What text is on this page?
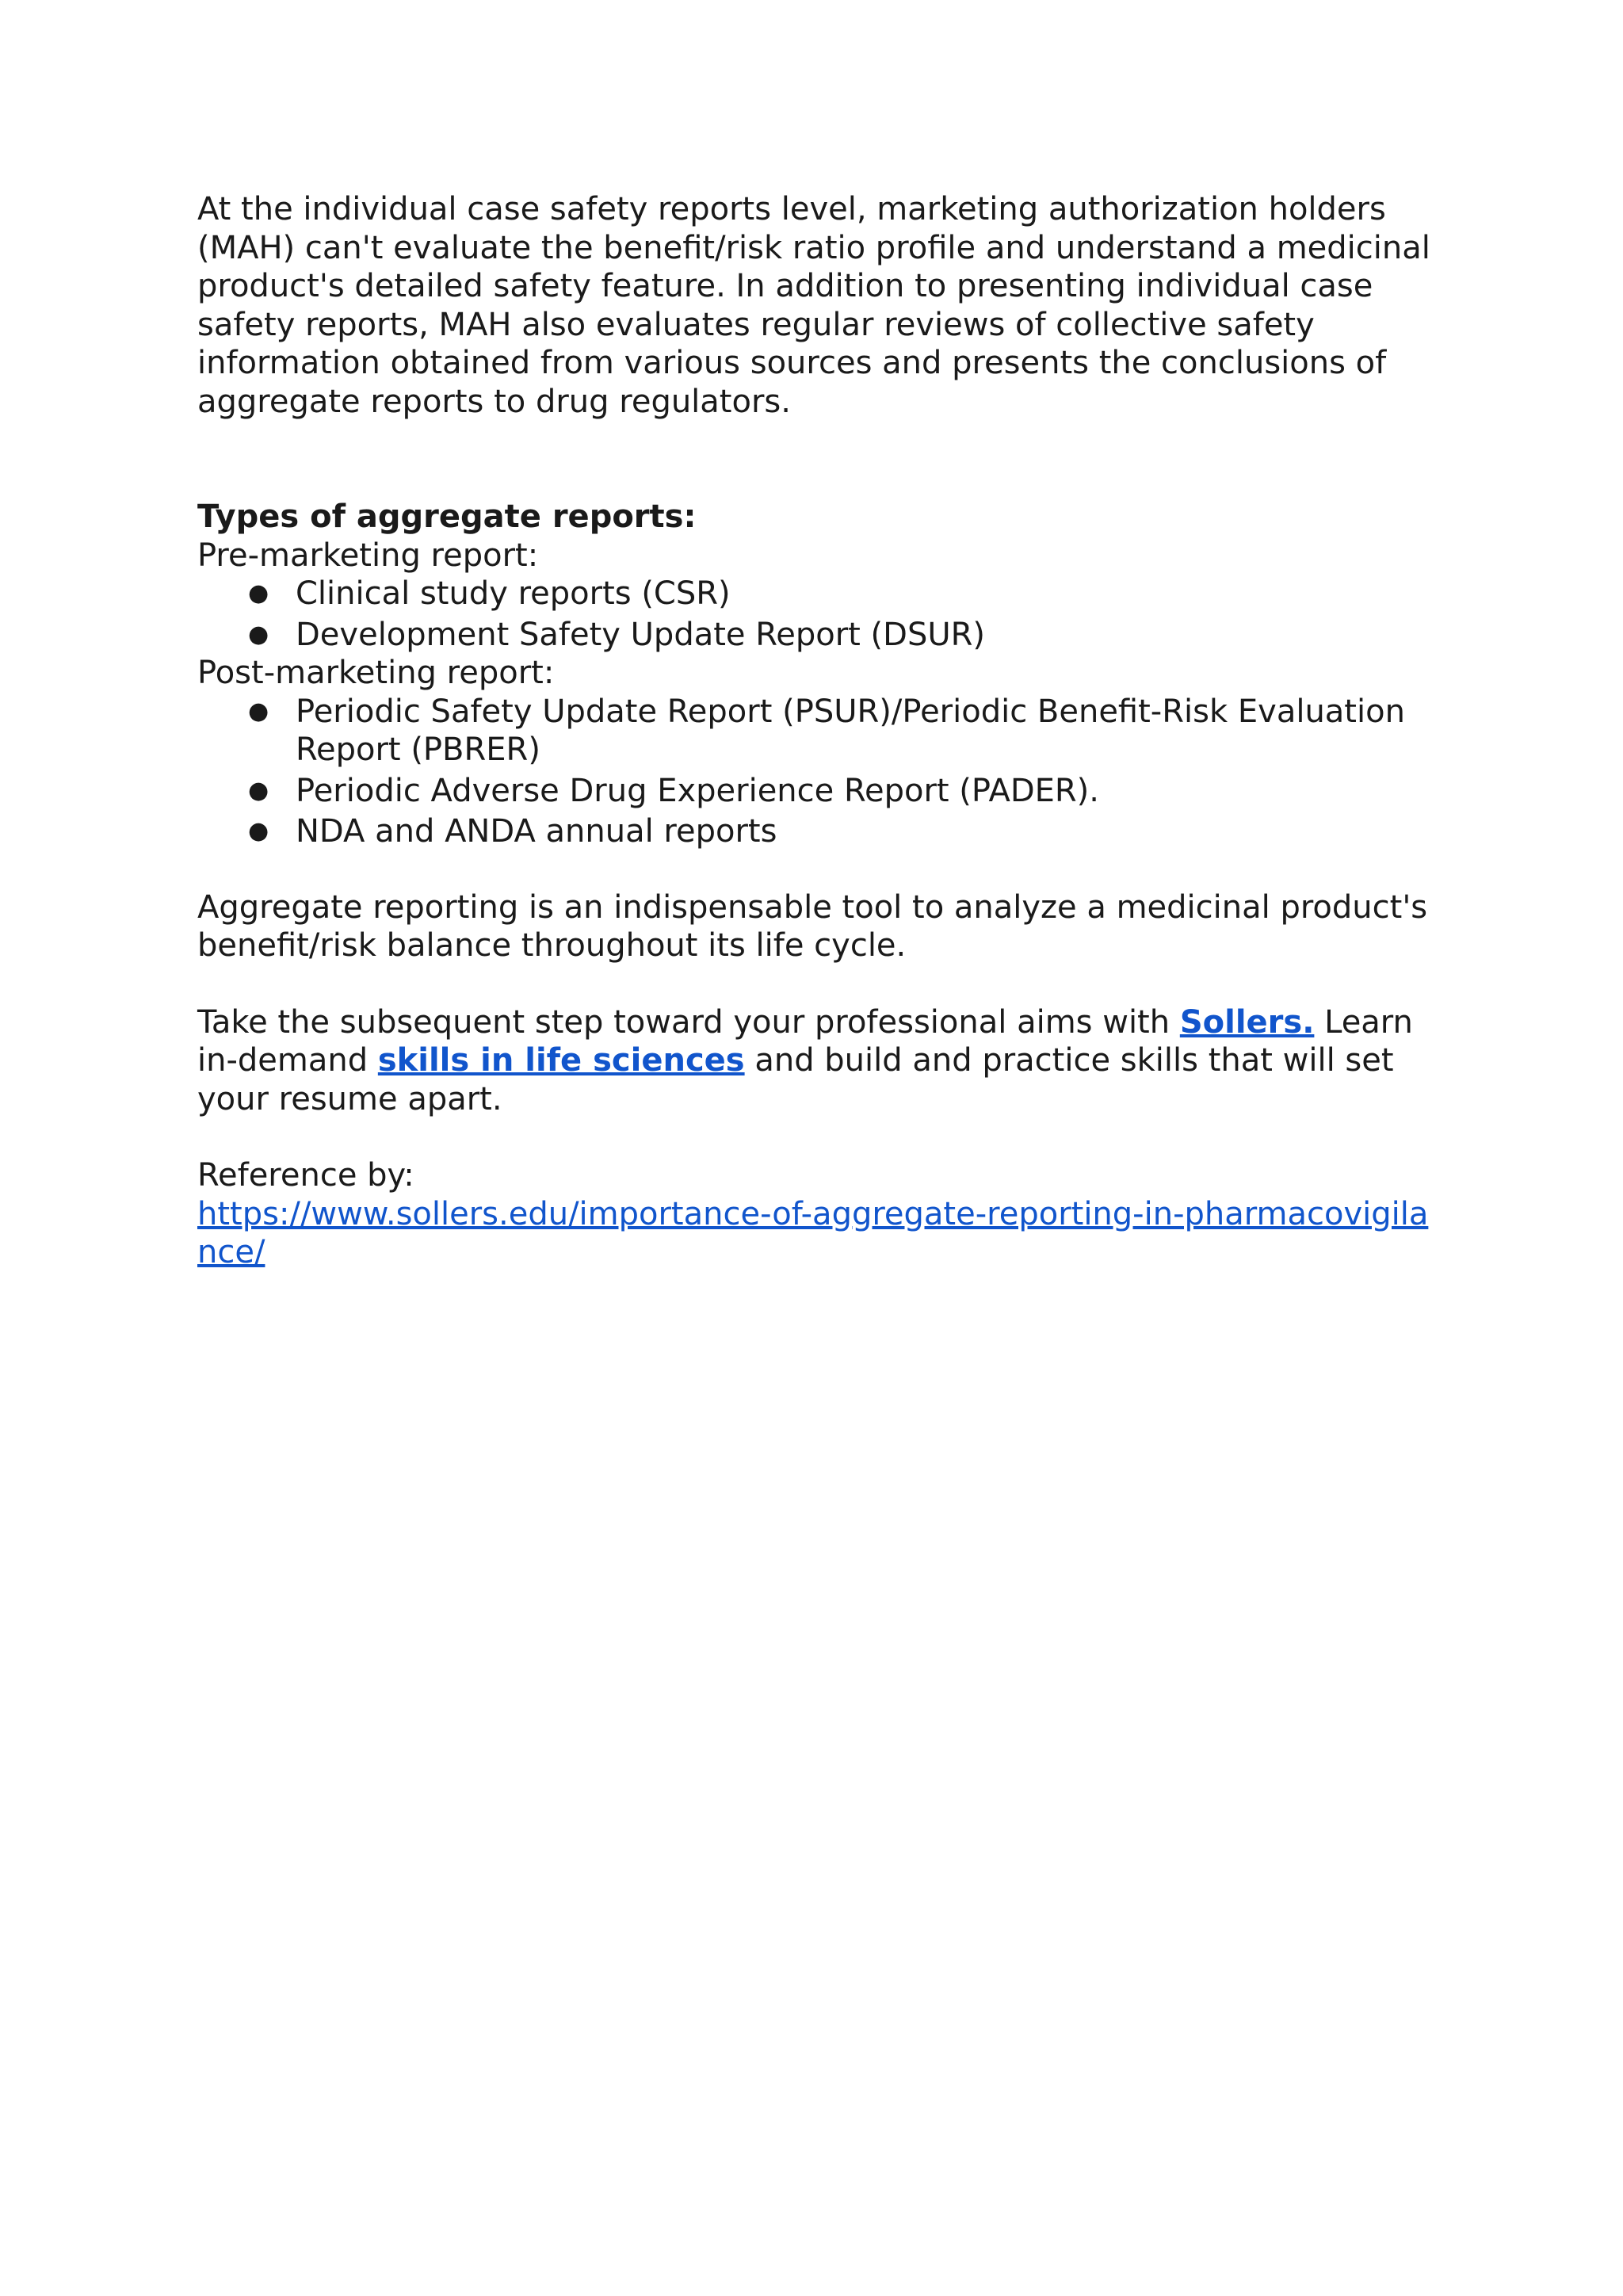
At the individual case safety reports level, marketing authorization holders (MAH) can't evaluate the benefit/risk ratio profile and understand a medicinal product's detailed safety feature. In addition to presenting individual case safety reports, MAH also evaluates regular reviews of collective safety information obtained from various sources and presents the conclusions of aggregate reports to drug regulators.

Types of aggregate reports:

Pre-marketing report:

● Clinical study reports (CSR)
● Development Safety Update Report (DSUR)

Post-marketing report:

● Periodic Safety Update Report (PSUR)/Periodic Benefit-Risk Evaluation Report (PBRER)
● Periodic Adverse Drug Experience Report (PADER).
● NDA and ANDA annual reports

Aggregate reporting is an indispensable tool to analyze a medicinal product's benefit/risk balance throughout its life cycle.

Take the subsequent step toward your professional aims with Sollers. Learn in-demand skills in life sciences and build and practice skills that will set your resume apart.

Reference by:

https://www.sollers.edu/importance-of-aggregate-reporting-in-pharmacovigilance/
